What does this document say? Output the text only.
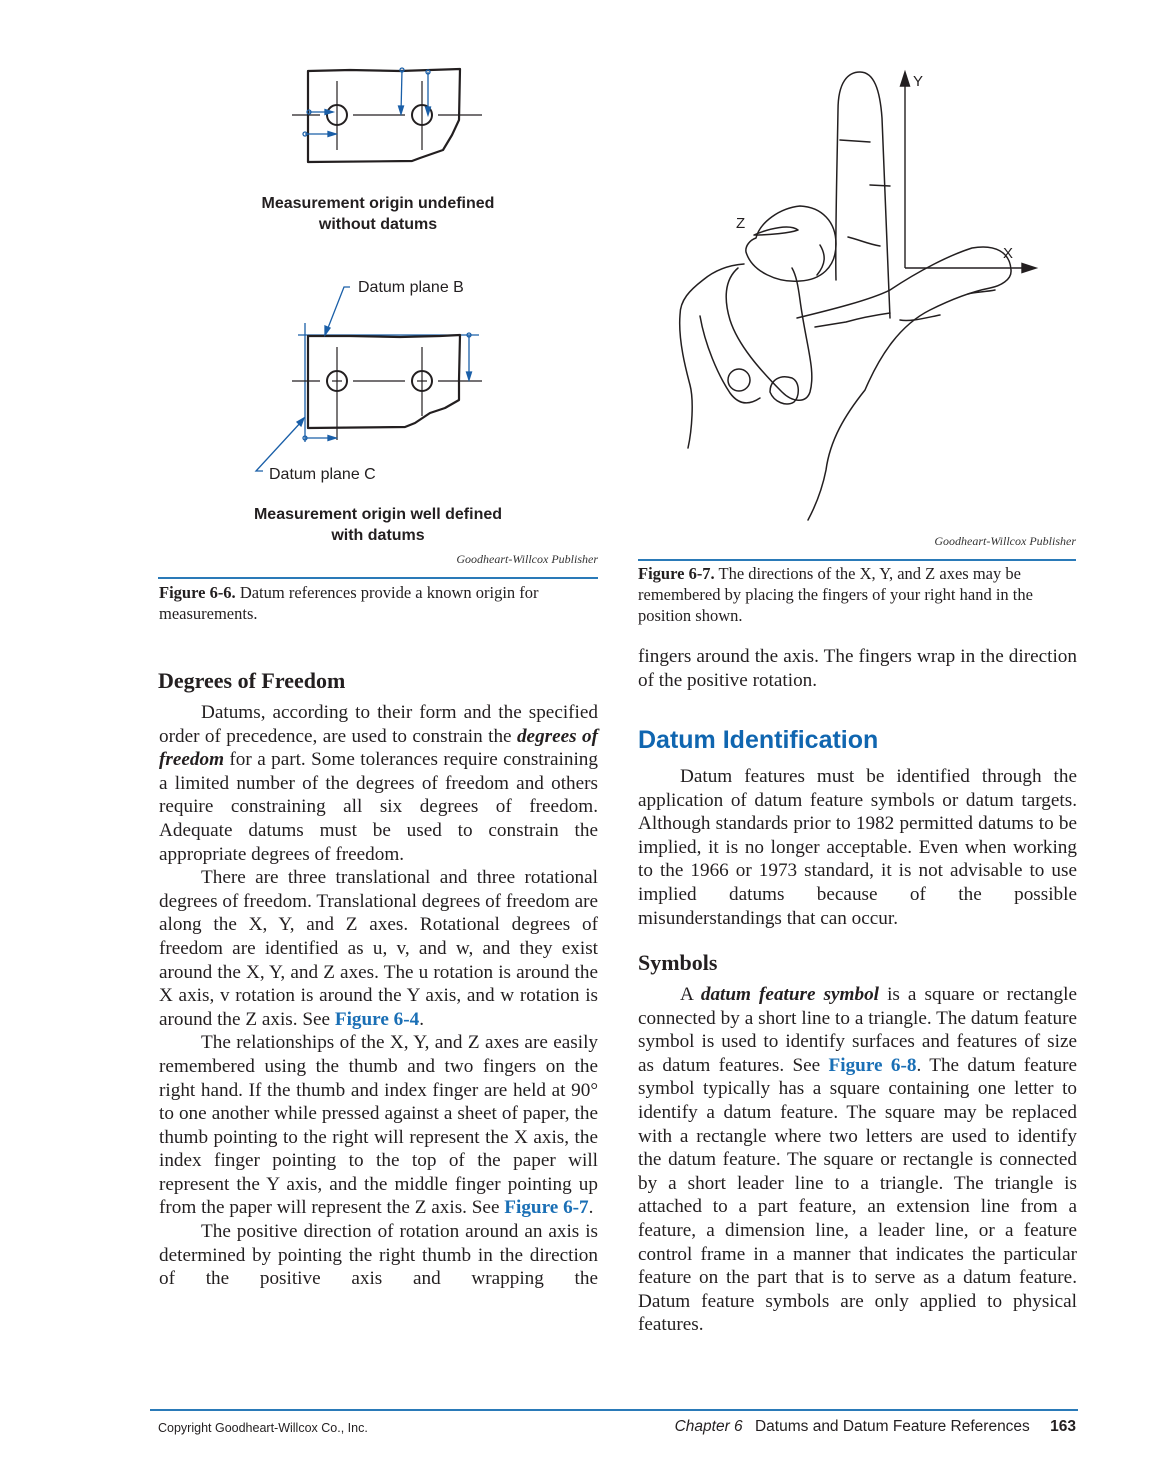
Measurement origin undefined
without datums
Datum plane B
Datum plane C
Measurement origin well defined
with datums
Goodheart-Willcox Publisher
Figure 6-6. Datum references provide a known origin for measurements.
Y
X
Z
Goodheart-Willcox Publisher
Figure 6-7. The directions of the X, Y, and Z axes may be remembered by placing the fingers of your right hand in the position shown.
Degrees of Freedom

Datums, according to their form and the specified order of precedence, are used to constrain the degrees of freedom for a part. Some tolerances require constraining a limited number of the degrees of freedom and others require constraining all six degrees of freedom. Adequate datums must be used to constrain the appropriate degrees of freedom.

There are three translational and three rotational degrees of freedom. Translational degrees of freedom are along the X, Y, and Z axes. Rotational degrees of freedom are identified as u, v, and w, and they exist around the X, Y, and Z axes. The u rotation is around the X axis, v rotation is around the Y axis, and w rotation is around the Z axis. See Figure 6-4.

The relationships of the X, Y, and Z axes are easily remembered using the thumb and two fingers on the right hand. If the thumb and index finger are held at 90° to one another while pressed against a sheet of paper, the thumb pointing to the right will represent the X axis, the index finger pointing to the top of the paper will represent the Y axis, and the middle finger pointing up from the paper will represent the Z axis. See Figure 6-7.

The positive direction of rotation around an axis is determined by pointing the right thumb in the direction of the positive axis and wrapping the

fingers around the axis. The fingers wrap in the direction of the positive rotation.

Datum Identification

Datum features must be identified through the application of datum feature symbols or datum targets. Although standards prior to 1982 permitted datums to be implied, it is no longer acceptable. Even when working to the 1966 or 1973 standard, it is not advisable to use implied datums because of the possible misunderstandings that can occur.

Symbols

A datum feature symbol is a square or rectangle connected by a short line to a triangle. The datum feature symbol is used to identify surfaces and features of size as datum features. See Figure 6-8. The datum feature symbol typically has a square containing one letter to identify a datum feature. The square may be replaced with a rectangle where two letters are used to identify the datum feature. The square or rectangle is connected by a short leader line to a triangle. The triangle is attached to a part feature, an extension line from a feature, a dimension line, a leader line, or a feature control frame in a manner that indicates the particular feature on the part that is to serve as a datum feature. Datum feature symbols are only applied to physical features.

Copyright Goodheart-Willcox Co., Inc.	Chapter 6 Datums and Datum Feature References 163
